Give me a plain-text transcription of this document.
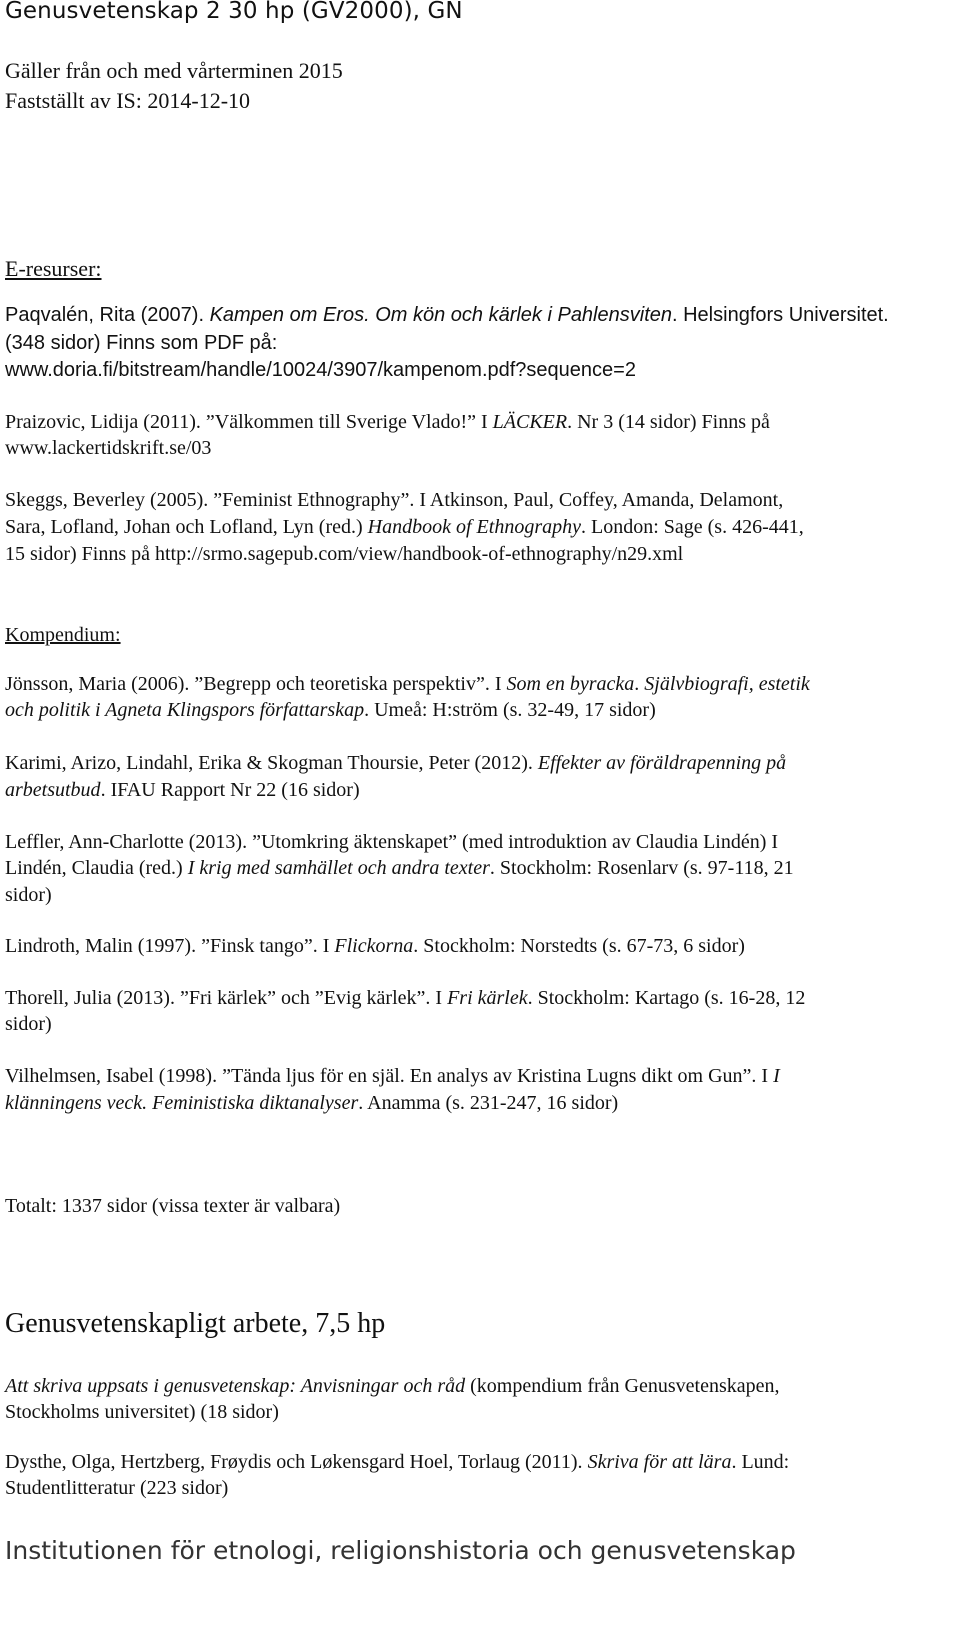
Genusvetenskap 2 30 hp (GV2000), GN
Gäller från och med vårterminen 2015
Fastställt av IS: 2014-12-10
E-resurser:
Paqvalén, Rita (2007). Kampen om Eros. Om kön och kärlek i Pahlensviten. Helsingfors Universitet.
(348 sidor) Finns som PDF på:
www.doria.fi/bitstream/handle/10024/3907/kampenom.pdf?sequence=2
Praizovic, Lidija (2011). ”Välkommen till Sverige Vlado!” I LÄCKER. Nr 3 (14 sidor) Finns på
www.lackertidskrift.se/03
Skeggs, Beverley (2005). ”Feminist Ethnography”. I Atkinson, Paul, Coffey, Amanda, Delamont,
Sara, Lofland, Johan och Lofland, Lyn (red.) Handbook of Ethnography. London: Sage (s. 426-441,
15 sidor) Finns på http://srmo.sagepub.com/view/handbook-of-ethnography/n29.xml
Kompendium:
Jönsson, Maria (2006). ”Begrepp och teoretiska perspektiv”. I Som en byracka. Självbiografi, estetik
och politik i Agneta Klingspors författarskap. Umeå: H:ström (s. 32-49, 17 sidor)
Karimi, Arizo, Lindahl, Erika & Skogman Thoursie, Peter (2012). Effekter av föräldrapenning på
arbetsutbud. IFAU Rapport Nr 22 (16 sidor)
Leffler, Ann-Charlotte (2013). ”Utomkring äktenskapet” (med introduktion av Claudia Lindén) I
Lindén, Claudia (red.) I krig med samhället och andra texter. Stockholm: Rosenlarv (s. 97-118, 21
sidor)
Lindroth, Malin (1997). ”Finsk tango”. I Flickorna. Stockholm: Norstedts (s. 67-73, 6 sidor)
Thorell, Julia (2013). ”Fri kärlek” och ”Evig kärlek”. I Fri kärlek. Stockholm: Kartago (s. 16-28, 12
sidor)
Vilhelmsen, Isabel (1998). ”Tända ljus för en själ. En analys av Kristina Lugns dikt om Gun”. I I
klänningens veck. Feministiska diktanalyser. Anamma (s. 231-247, 16 sidor)
Totalt: 1337 sidor (vissa texter är valbara)
Genusvetenskapligt arbete, 7,5 hp
Att skriva uppsats i genusvetenskap: Anvisningar och råd (kompendium från Genusvetenskapen,
Stockholms universitet) (18 sidor)
Dysthe, Olga, Hertzberg, Frøydis och Løkensgard Hoel, Torlaug (2011). Skriva för att lära. Lund:
Studentlitteratur (223 sidor)
Institutionen för etnologi, religionshistoria och genusvetenskap
